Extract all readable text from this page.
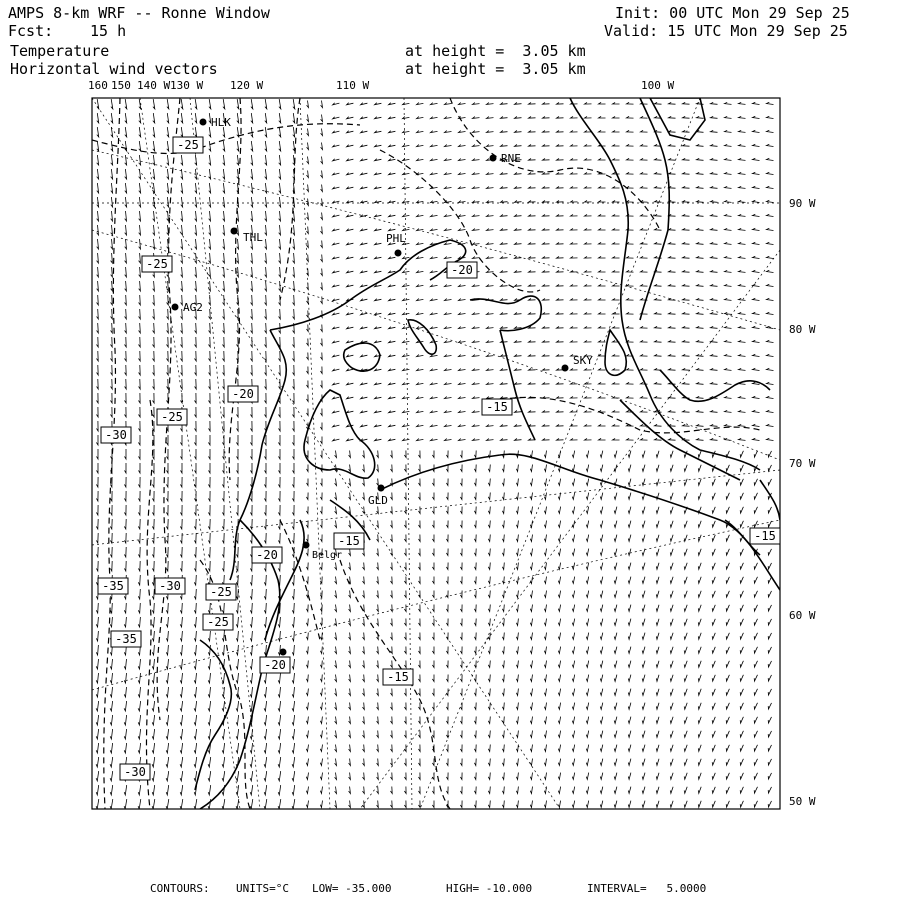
AMPS 8-km WRF -- Ronne Window
Fcst: 15 h
Init: 00 UTC Mon 29 Sep 25
Valid: 15 UTC Mon 29 Sep 25
Temperature
Horizontal wind vectors
at height =  3.05 km
at height =  3.05 km
HLK
RNE
THL	PHL
AG2
SKY
GLD
Belgr
-25
-25
-20
-25
-30
-20
-15
-35	-30 -25
-25
-35
-20
-15
-20
-15
-30
-15
160 150 140 W 130 W 120 W	110 W	100 W
90 W
80 W
70 W
60 W
50 W
CONTOURS: UNITS=°C LOW= -35.000	HIGH= -10.000	INTERVAL=   5.0000
